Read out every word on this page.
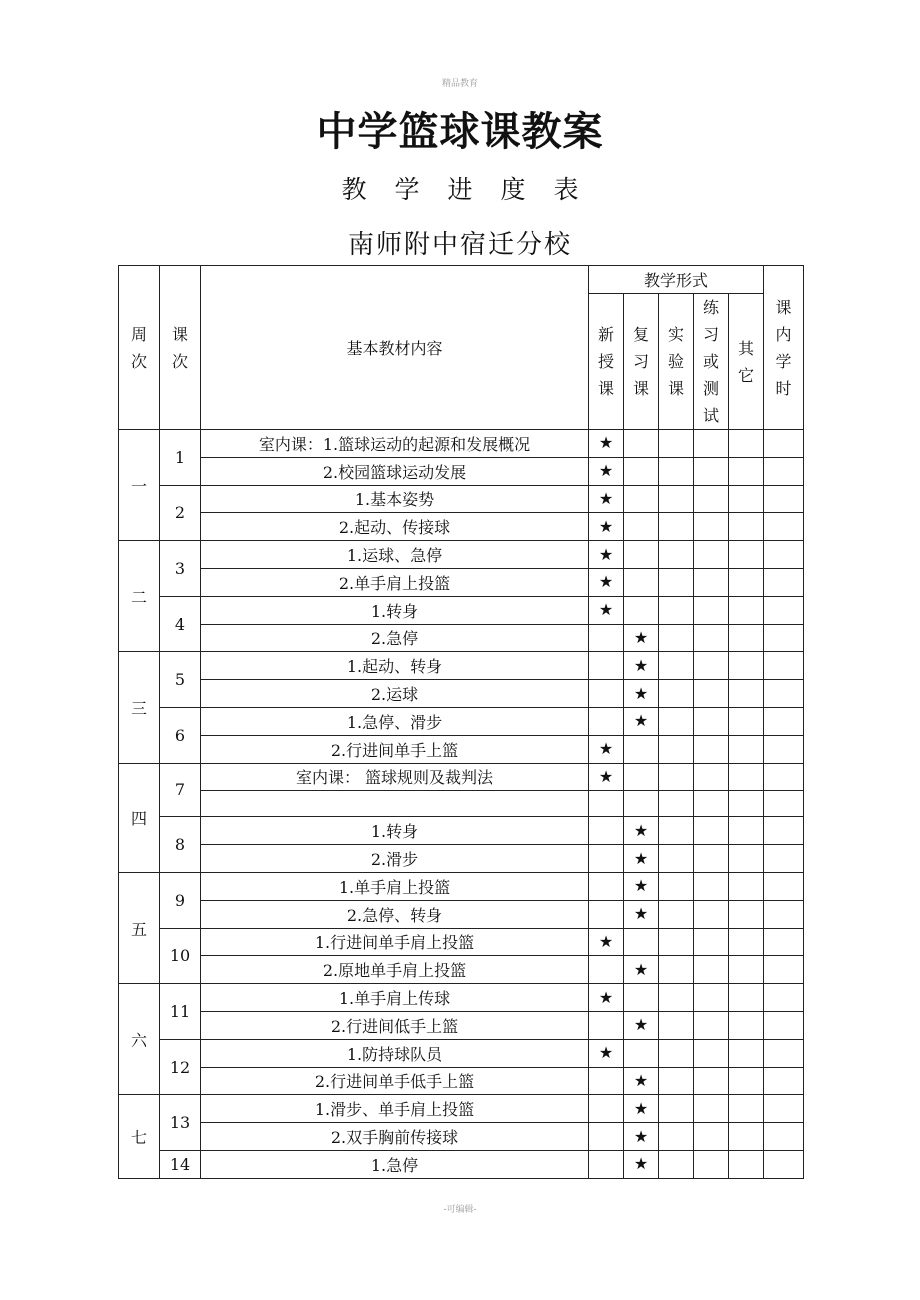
精品教育
中学篮球课教案
教学进度表
南师附中宿迁分校
周次	课次	基本教材内容	教学形式					课内学时
			新授课	复习课	实验课	练习或测试	其它	
一	1	室内课：1.篮球运动的起源和发展概况	★					
		2.校园篮球运动发展	★					
	2	1.基本姿势	★					
		2.起动、传接球	★					
二	3	1.运球、急停	★					
		2.单手肩上投篮	★					
	4	1.转身	★					
		2.急停		★				
三	5	1.起动、转身		★				
		2.运球		★				
	6	1.急停、滑步		★				
		2.行进间单手上篮	★					
四	7	室内课： 篮球规则及裁判法	★					

	8	1.转身		★				
		2.滑步		★				
五	9	1.单手肩上投篮		★				
		2.急停、转身		★				
	10	1.行进间单手肩上投篮	★					
		2.原地单手肩上投篮		★				
六	11	1.单手肩上传球	★					
		2.行进间低手上篮		★				
	12	1.防持球队员	★					
		2.行进间单手低手上篮		★				
七	13	1.滑步、单手肩上投篮		★				
		2.双手胸前传接球		★				
	14	1.急停		★				
-可编辑-
